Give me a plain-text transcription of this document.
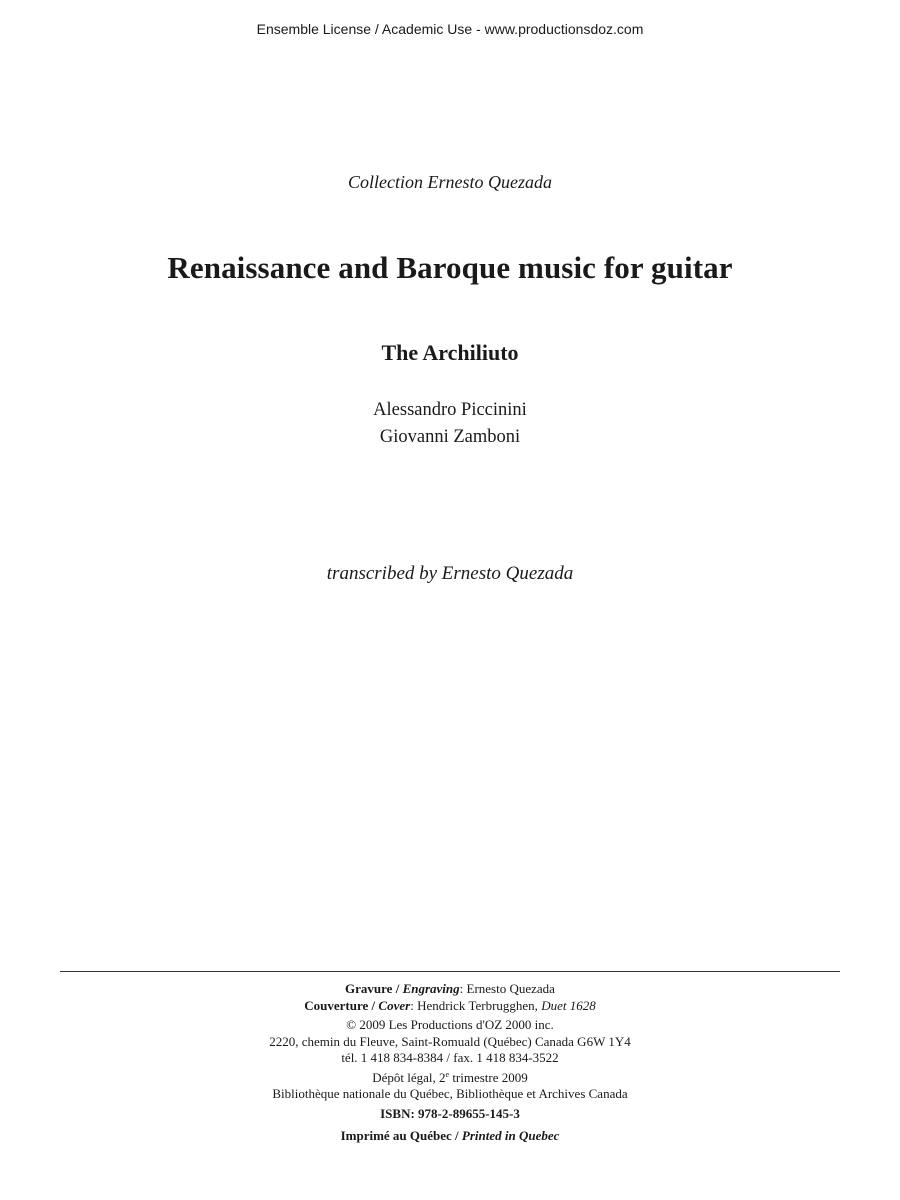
Ensemble License / Academic Use - www.productionsdoz.com
Collection Ernesto Quezada
Renaissance and Baroque music for guitar
The Archiliuto
Alessandro Piccinini
Giovanni Zamboni
transcribed by Ernesto Quezada
Gravure / Engraving: Ernesto Quezada
Couverture / Cover: Hendrick Terbrugghen, Duet 1628
© 2009 Les Productions d'OZ 2000 inc.
2220, chemin du Fleuve, Saint-Romuald (Québec) Canada G6W 1Y4
tél. 1 418 834-8384 / fax. 1 418 834-3522
Dépôt légal, 2e trimestre 2009
Bibliothèque nationale du Québec, Bibliothèque et Archives Canada
ISBN: 978-2-89655-145-3
Imprimé au Québec / Printed in Quebec
